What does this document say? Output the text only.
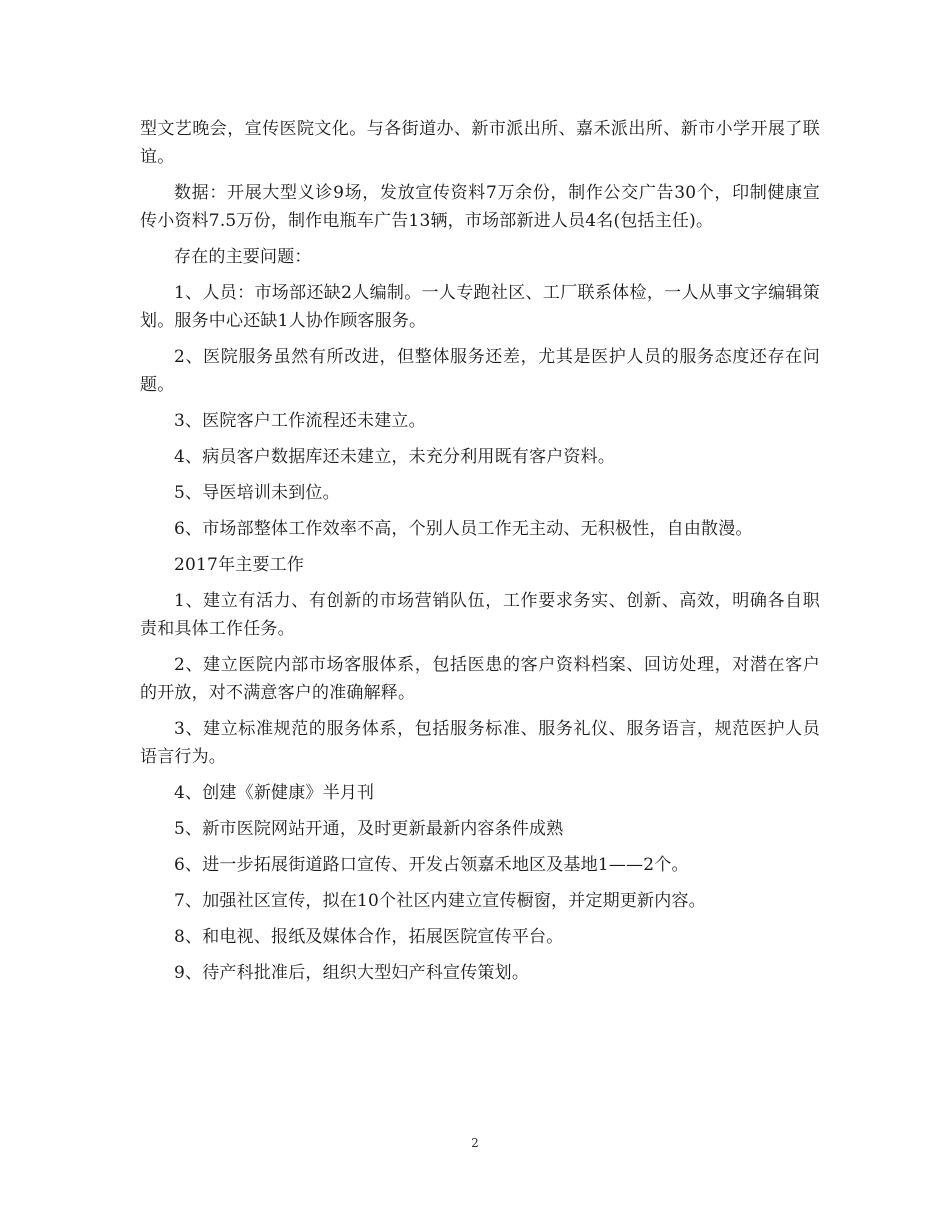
型文艺晚会，宣传医院文化。与各街道办、新市派出所、嘉禾派出所、新市小学开展了联谊。

数据：开展大型义诊9场，发放宣传资料7万余份，制作公交广告30个，印制健康宣传小资料7.5万份，制作电瓶车广告13辆，市场部新进人员4名(包括主任)。

存在的主要问题：

1、人员：市场部还缺2人编制。一人专跑社区、工厂联系体检，一人从事文字编辑策划。服务中心还缺1人协作顾客服务。

2、医院服务虽然有所改进，但整体服务还差，尤其是医护人员的服务态度还存在问题。

3、医院客户工作流程还未建立。

4、病员客户数据库还未建立，未充分利用既有客户资料。

5、导医培训未到位。

6、市场部整体工作效率不高，个别人员工作无主动、无积极性，自由散漫。

2017年主要工作

1、建立有活力、有创新的市场营销队伍，工作要求务实、创新、高效，明确各自职责和具体工作任务。

2、建立医院内部市场客服体系，包括医患的客户资料档案、回访处理，对潜在客户的开放，对不满意客户的准确解释。

3、建立标准规范的服务体系，包括服务标准、服务礼仪、服务语言，规范医护人员语言行为。

4、创建《新健康》半月刊

5、新市医院网站开通，及时更新最新内容条件成熟

6、进一步拓展街道路口宣传、开发占领嘉禾地区及基地1——2个。

7、加强社区宣传，拟在10个社区内建立宣传橱窗，并定期更新内容。

8、和电视、报纸及媒体合作，拓展医院宣传平台。

9、待产科批准后，组织大型妇产科宣传策划。

2
